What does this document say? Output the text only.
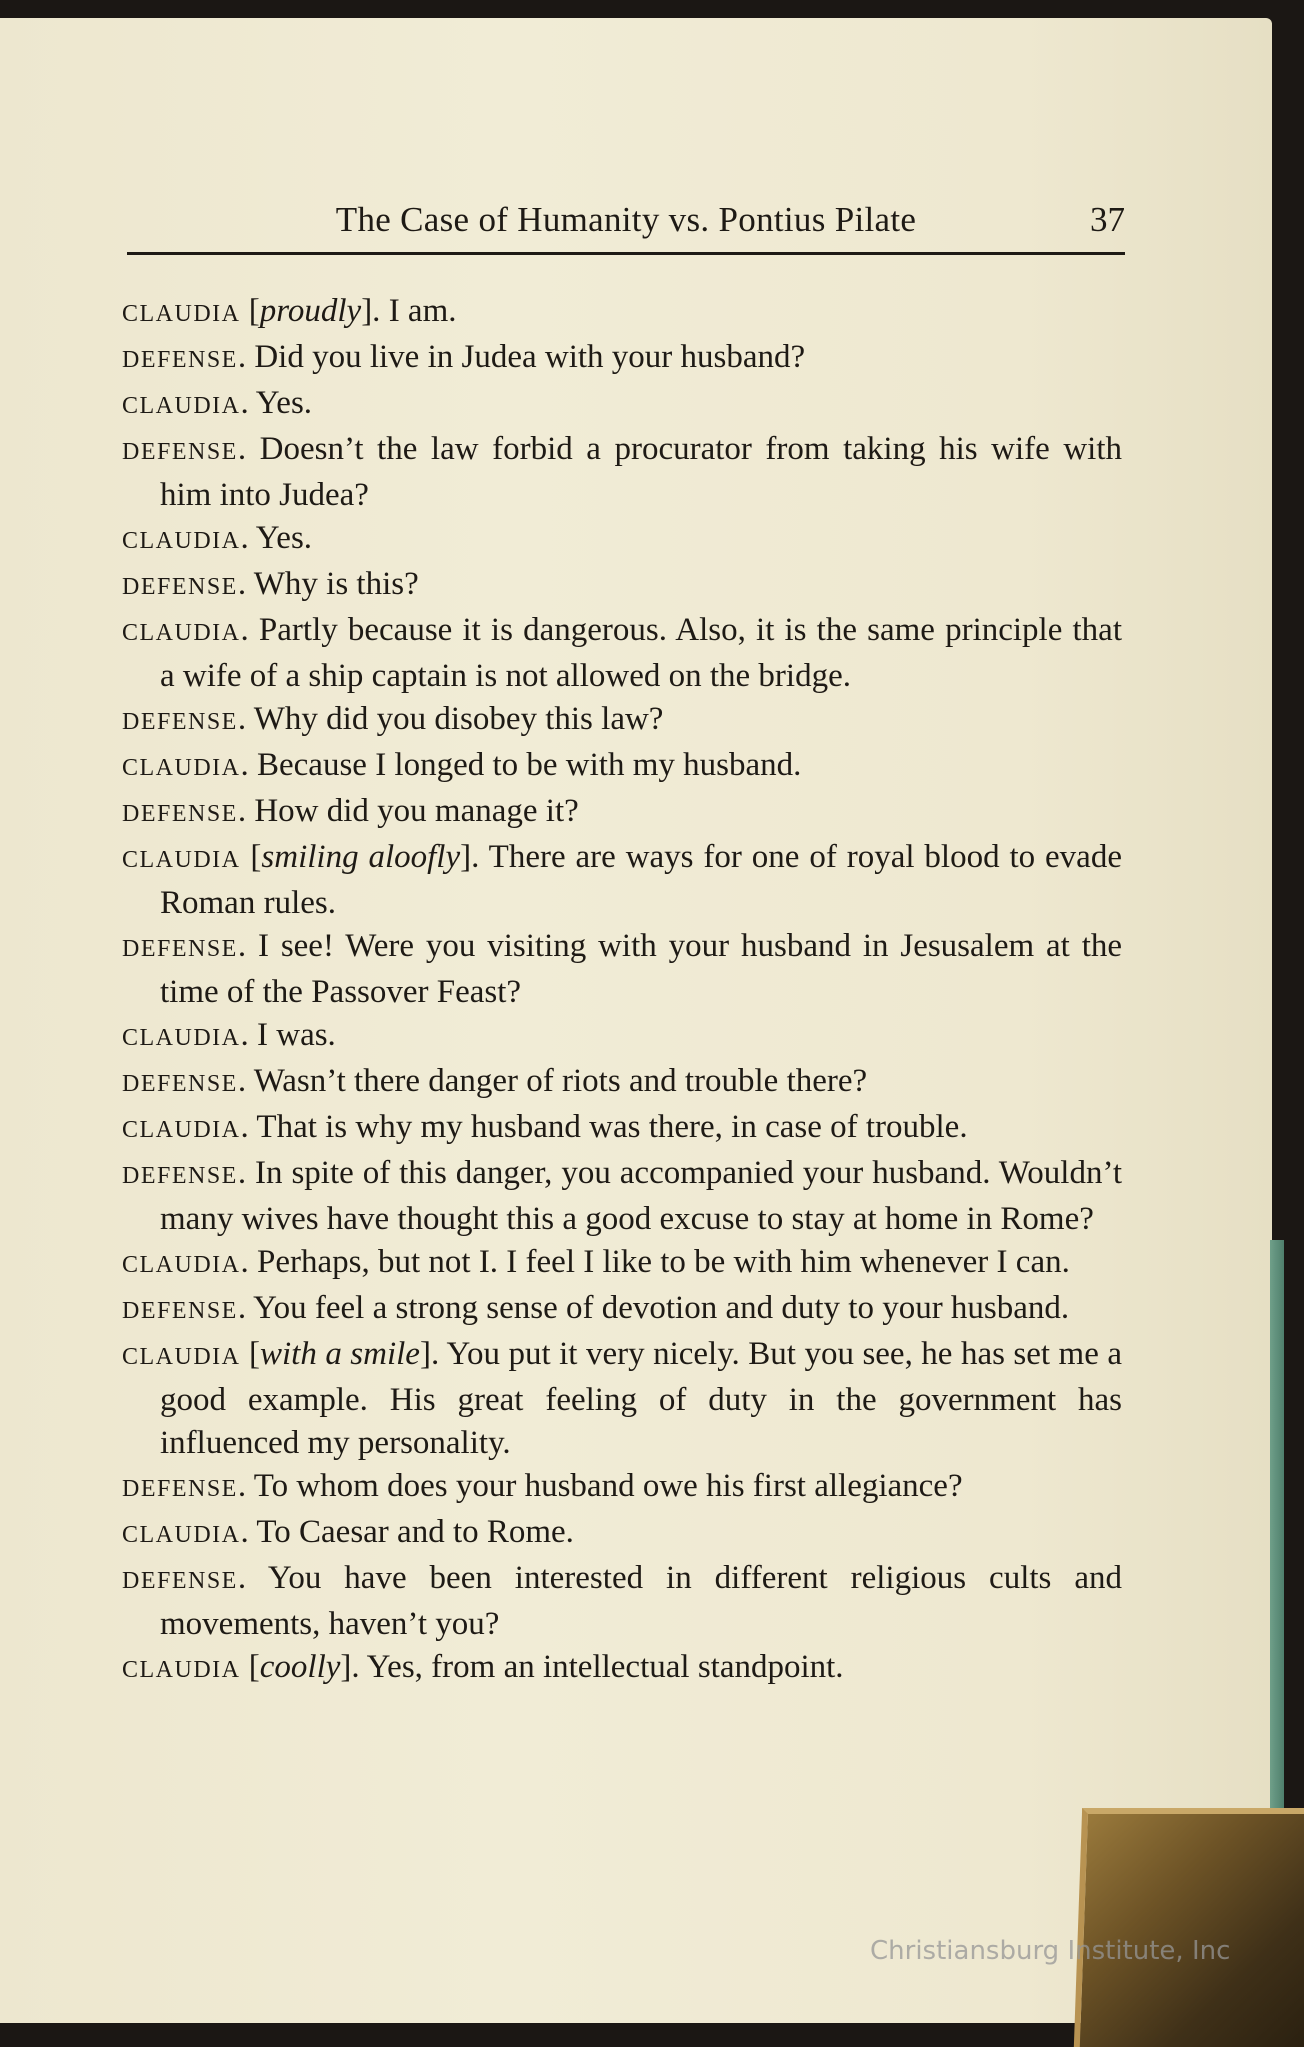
The Case of Humanity vs. Pontius Pilate	37

CLAUDIA [proudly]. I am.

DEFENSE. Did you live in Judea with your husband?

CLAUDIA. Yes.

DEFENSE. Doesn’t the law forbid a procurator from taking his wife with him into Judea?

CLAUDIA. Yes.

DEFENSE. Why is this?

CLAUDIA. Partly because it is dangerous. Also, it is the same principle that a wife of a ship captain is not allowed on the bridge.

DEFENSE. Why did you disobey this law?

CLAUDIA. Because I longed to be with my husband.

DEFENSE. How did you manage it?

CLAUDIA [smiling aloofly]. There are ways for one of royal blood to evade Roman rules.

DEFENSE. I see! Were you visiting with your husband in Jesusalem at the time of the Passover Feast?

CLAUDIA. I was.

DEFENSE. Wasn’t there danger of riots and trouble there?

CLAUDIA. That is why my husband was there, in case of trouble.

DEFENSE. In spite of this danger, you accompanied your husband. Wouldn’t many wives have thought this a good excuse to stay at home in Rome?

CLAUDIA. Perhaps, but not I. I feel I like to be with him whenever I can.

DEFENSE. You feel a strong sense of devotion and duty to your husband.

CLAUDIA [with a smile]. You put it very nicely. But you see, he has set me a good example. His great feeling of duty in the government has influenced my personality.

DEFENSE. To whom does your husband owe his first allegiance?

CLAUDIA. To Caesar and to Rome.

DEFENSE. You have been interested in different religious cults and movements, haven’t you?

CLAUDIA [coolly]. Yes, from an intellectual standpoint.

Christiansburg Institute, Inc
